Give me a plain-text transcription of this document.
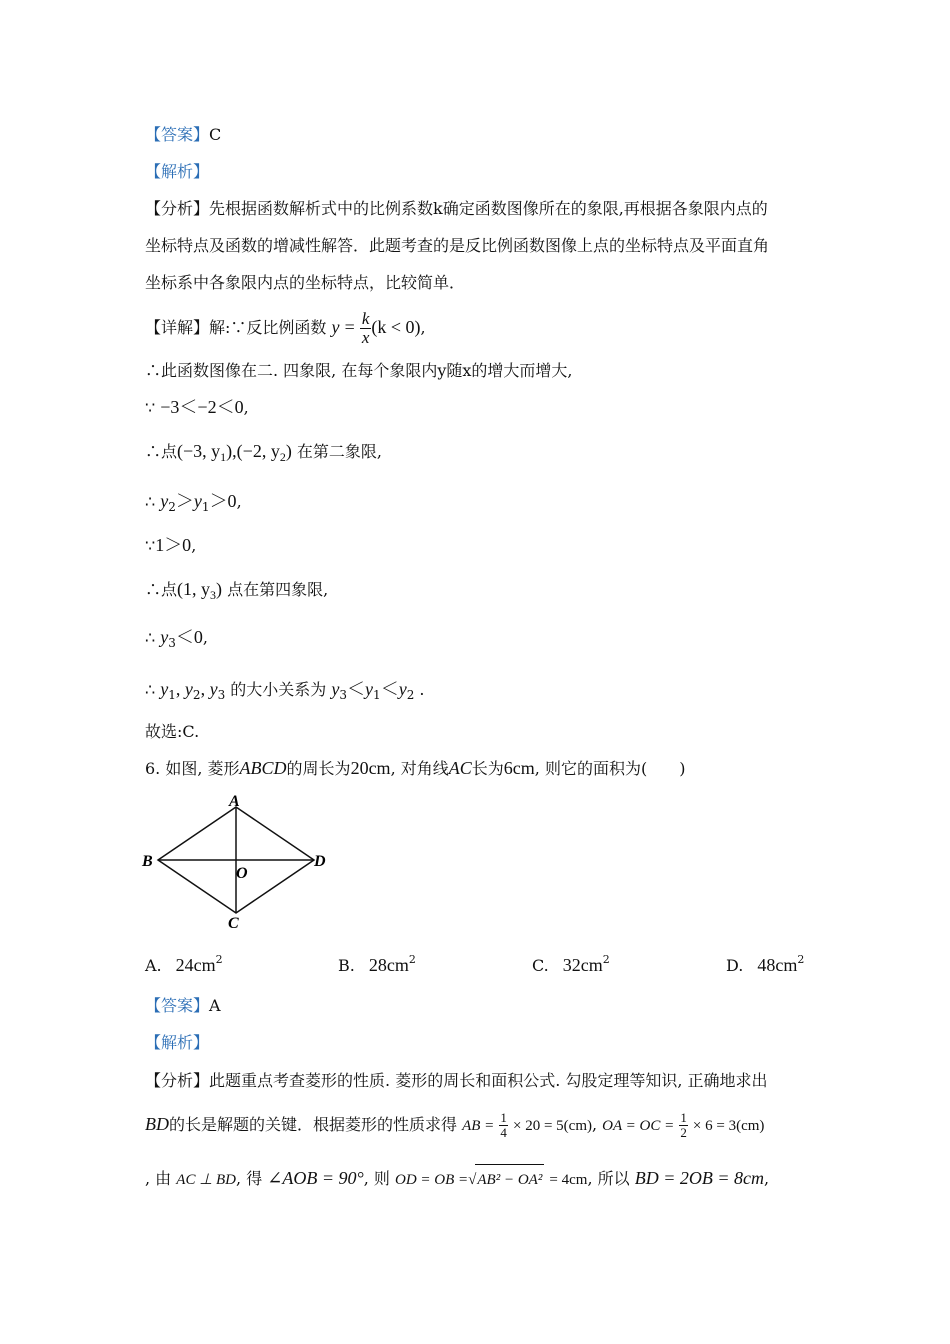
【答案】C
【解析】
【分析】先根据函数解析式中的比例系数k确定函数图像所在的象限,再根据各象限内点的
坐标特点及函数的增减性解答．此题考查的是反比例函数图像上点的坐标特点及平面直角
坐标系中各象限内点的坐标特点，比较简单．
【详解】解:∵反比例函数 $y = \frac{k}{x} (k < 0)$,
∴此函数图像在二. 四象限, 在每个象限内y随x的增大而增大,
∵ −3＜−2＜0,
∴点(−3, $y_1),(-2$, $y_2$) 在第二象限,
∴ $y_2>y_1>0$,
∵1＞0,
∴点(1, $y_3$) 点在第四象限,
∴ $y_3<0$,
∴ $y_1$, $y_2$, $y_3$ 的大小关系为 $y_3<y_1<y_2$ .
故选:C.
6. 如图, 菱形ABCD的周长为20cm, 对角线AC长为6cm, 则它的面积为(　　)
A
B
C
D
O
A. $24cm^2$	B. $28cm^2$	C. $32cm^2$	D. $48cm^2$
【答案】A
【解析】
【分析】此题重点考查菱形的性质. 菱形的周长和面积公式. 勾股定理等知识, 正确地求出
BD的长是解题的关键．根据菱形的性质求得 AB = $\frac{1}{4} \times 20 = 5(cm)$, OA = OC = $\frac{1}{2} \times 6 = 3(cm)$
, 由 AC ⊥ BD, 得 ∠AOB = 90°, 则 OD = OB =√AB² − OA² = 4cm, 所以 BD = 2OB = 8cm,
